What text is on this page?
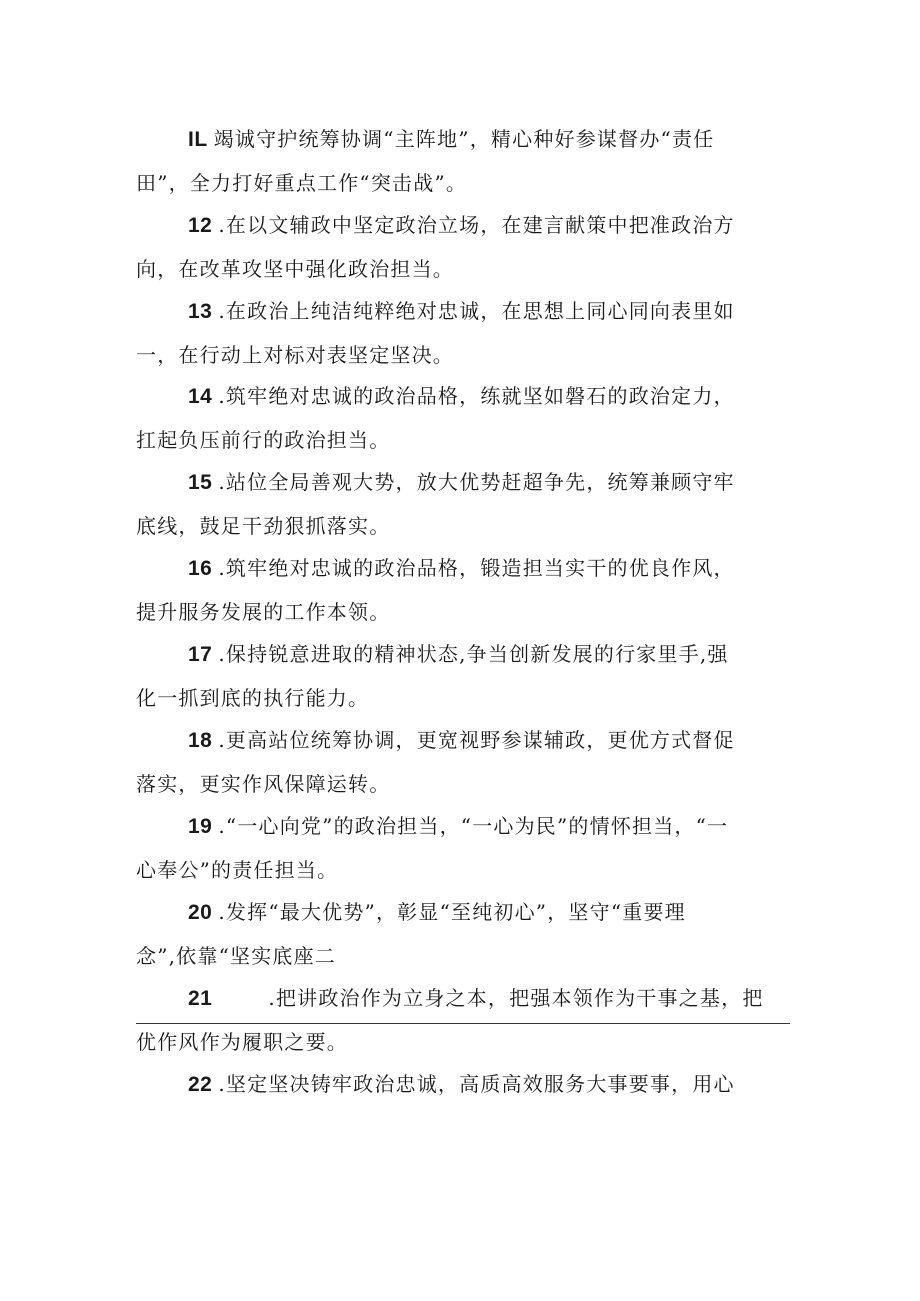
IL 竭诚守护统筹协调“主阵地”，精心种好参谋督办“责任
田”，全力打好重点工作“突击战”。
12 .在以文辅政中坚定政治立场，在建言献策中把准政治方
向，在改革攻坚中强化政治担当。
13 .在政治上纯洁纯粹绝对忠诚，在思想上同心同向表里如
一，在行动上对标对表坚定坚决。
14 .筑牢绝对忠诚的政治品格，练就坚如磐石的政治定力，
扛起负压前行的政治担当。
15 .站位全局善观大势，放大优势赶超争先，统筹兼顾守牢
底线，鼓足干劲狠抓落实。
16 .筑牢绝对忠诚的政治品格，锻造担当实干的优良作风，
提升服务发展的工作本领。
17 .保持锐意进取的精神状态,争当创新发展的行家里手,强
化一抓到底的执行能力。
18 .更高站位统筹协调，更宽视野参谋辅政，更优方式督促
落实，更实作风保障运转。
19 .“一心向党”的政治担当，“一心为民”的情怀担当，“一
心奉公”的责任担当。
20 .发挥“最大优势”，彰显“至纯初心”，坚守“重要理
念”,依靠“坚实底座二
21	.把讲政治作为立身之本，把强本领作为干事之基，把
优作风作为履职之要。
22 .坚定坚决铸牢政治忠诚，高质高效服务大事要事，用心
